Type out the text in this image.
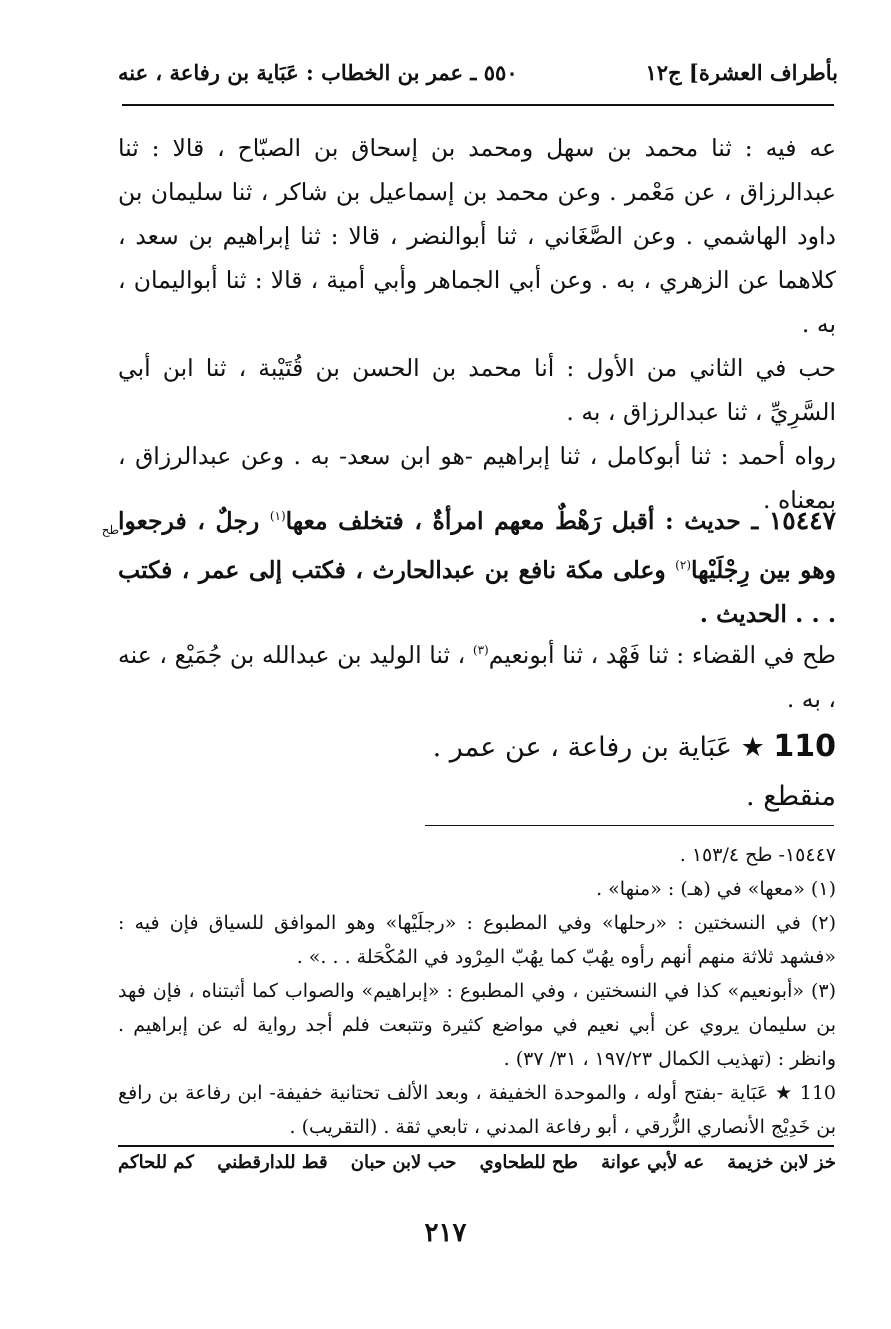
بأطراف العشرة] ج١٢
٥٥٠ ـ عمر بن الخطاب : عَبَاية بن رفاعة ، عنه

عه فيه : ثنا محمد بن سهل ومحمد بن إسحاق بن الصبّاح ، قالا : ثنا عبدالرزاق ، عن مَعْمر . وعن محمد بن إسماعيل بن شاكر ، ثنا سليمان بن داود الهاشمي . وعن الصَّغَاني ، ثنا أبوالنضر ، قالا : ثنا إبراهيم بن سعد ، كلاهما عن الزهري ، به . وعن أبي الجماهر وأبي أمية ، قالا : ثنا أبواليمان ، به .

حب في الثاني من الأول : أنا محمد بن الحسن بن قُتَيْبة ، ثنا ابن أبي السَّرِيِّ ، ثنا عبدالرزاق ، به .

رواه أحمد : ثنا أبوكامل ، ثنا إبراهيم -هو ابن سعد- به . وعن عبدالرزاق ، بمعناه .

١٥٤٤٧ ـ حديث : أقبل رَهْطٌ معهم امرأةٌ ، فتخلف معها$^{(١)}$ رجلٌ ، فرجعوا وهو بين رِجْلَيْها$^{(٢)}$ وعلى مكة نافع بن عبدالحارث ، فكتب إلى عمر ، فكتب . . . الحديث .

طح

طح في القضاء : ثنا فَهْد ، ثنا أبونعيم$^{(٣)}$ ، ثنا الوليد بن عبدالله بن جُمَيْع ، عنه ، به .

110 ★ عَبَاية بن رفاعة ، عن عمر .
منقطع .

١٥٤٤٧- طح ١٥٣/٤ .

(١) «معها» في (هـ) : «منها» .

(٢) في النسختين : «رحلها» وفي المطبوع : «رجلَيْها» وهو الموافق للسياق فإن فيه : «فشهد ثلاثة منهم أنهم رأوه يهُبّ كما يهُبّ المِرْود في المُكْحَلة . . .» .

(٣) «أبونعيم» كذا في النسختين ، وفي المطبوع : «إبراهيم» والصواب كما أثبتناه ، فإن فهد بن سليمان يروي عن أبي نعيم في مواضع كثيرة وتتبعت فلم أجد رواية له عن إبراهيم . وانظر : (تهذيب الكمال ١٩٧/٢٣ ، ٣١/ ٣٧) .

110 ★ عَبَاية -بفتح أوله ، والموحدة الخفيفة ، وبعد الألف تحتانية خفيفة- ابن رفاعة بن رافع بن خَدِيْج الأنصاري الزُّرقي ، أبو رفاعة المدني ، تابعي ثقة . (التقريب) .

خز لابن خزيمة
عه لأبي عوانة
طح للطحاوي
حب لابن حبان
قط للدارقطني
كم للحاكم
٢١٧
